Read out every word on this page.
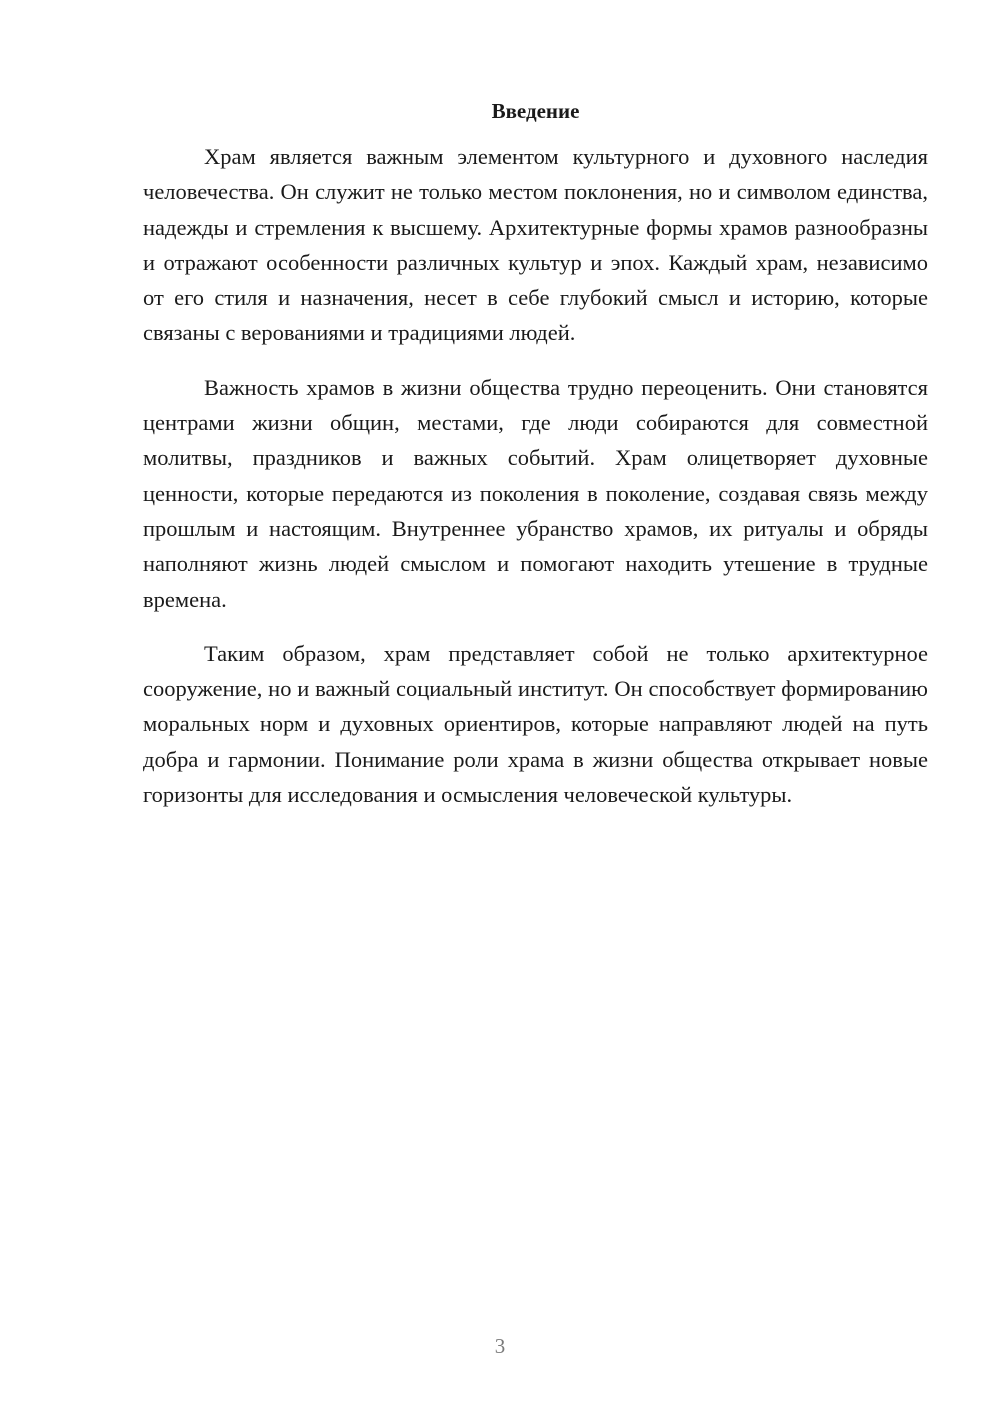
Введение

Храм является важным элементом культурного и духовного наследия человечества. Он служит не только местом поклонения, но и символом единства, надежды и стремления к высшему. Архитектурные формы храмов разнообразны и отражают особенности различных культур и эпох. Каждый храм, независимо от его стиля и назначения, несет в себе глубокий смысл и историю, которые связаны с верованиями и традициями людей.

Важность храмов в жизни общества трудно переоценить. Они становятся центрами жизни общин, местами, где люди собираются для совместной молитвы, праздников и важных событий. Храм олицетворяет духовные ценности, которые передаются из поколения в поколение, создавая связь между прошлым и настоящим. Внутреннее убранство храмов, их ритуалы и обряды наполняют жизнь людей смыслом и помогают находить утешение в трудные времена.

Таким образом, храм представляет собой не только архитектурное сооружение, но и важный социальный институт. Он способствует формированию моральных норм и духовных ориентиров, которые направляют людей на путь добра и гармонии. Понимание роли храма в жизни общества открывает новые горизонты для исследования и осмысления человеческой культуры.

3
